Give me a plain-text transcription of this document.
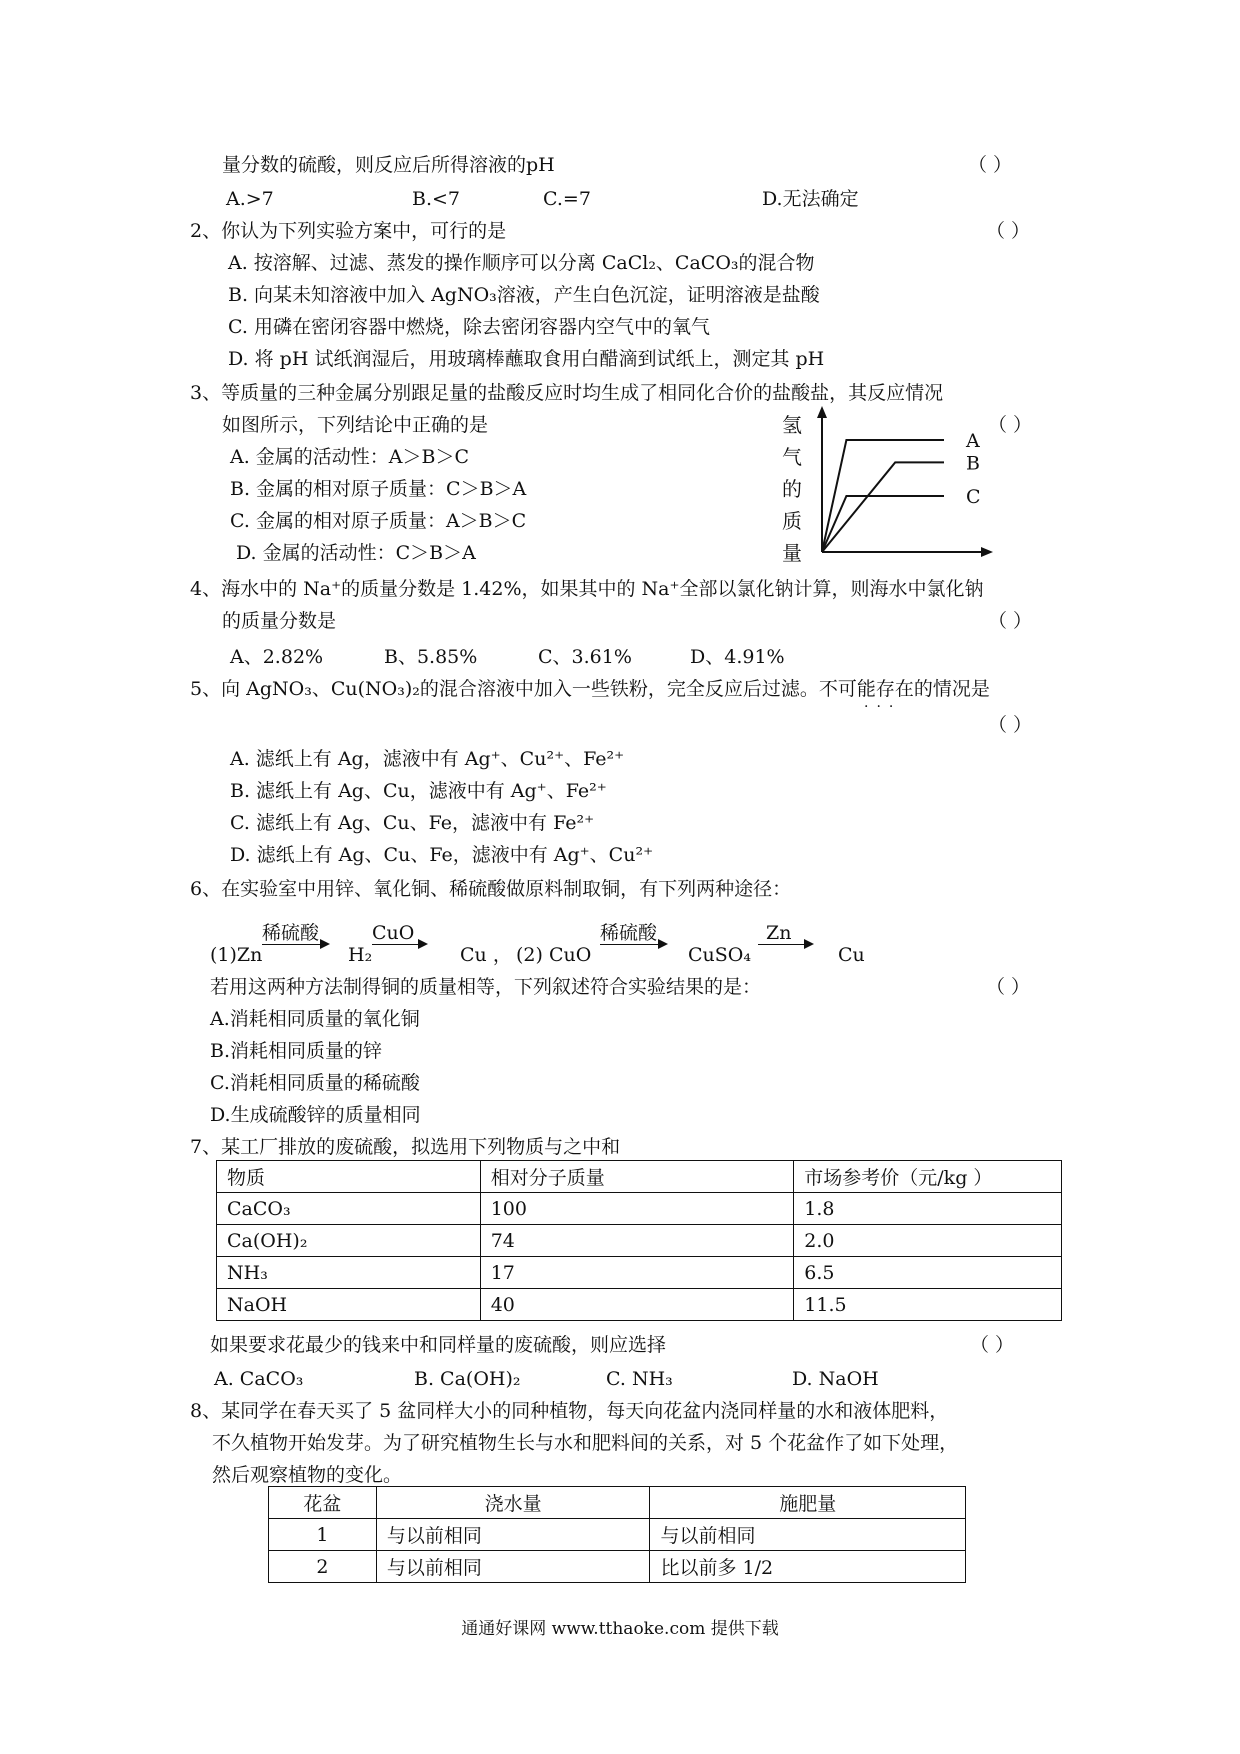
量分数的硫酸，则反应后所得溶液的pH	（ ）
A.>7	B.<7	C.=7	D.无法确定
2、你认为下列实验方案中，可行的是	（ ）
A. 按溶解、过滤、蒸发的操作顺序可以分离 CaCl₂、CaCO₃的混合物
B. 向某未知溶液中加入 AgNO₃溶液，产生白色沉淀，证明溶液是盐酸
C. 用磷在密闭容器中燃烧，除去密闭容器内空气中的氧气
D. 将 pH 试纸润湿后，用玻璃棒蘸取食用白醋滴到试纸上，测定其 pH
3、等质量的三种金属分别跟足量的盐酸反应时均生成了相同化合价的盐酸盐，其反应情况
如图所示，下列结论中正确的是	（ ）
A. 金属的活动性：A＞B＞C
B. 金属的相对原子质量：C＞B＞A
C. 金属的相对原子质量：A＞B＞C
D. 金属的活动性：C＞B＞A
氢
气
的
质
量
A
B
C
4、海水中的 Na⁺的质量分数是 1.42%，如果其中的 Na⁺全部以氯化钠计算，则海水中氯化钠
的质量分数是	（ ）
A、2.82%	B、5.85%	C、3.61%	D、4.91%
5、向 AgNO₃、Cu(NO₃)₂的混合溶液中加入一些铁粉，完全反应后过滤。不可能存在的情况是
···
（ ）
A. 滤纸上有 Ag，滤液中有 Ag⁺、Cu²⁺、Fe²⁺
B. 滤纸上有 Ag、Cu，滤液中有 Ag⁺、Fe²⁺
C. 滤纸上有 Ag、Cu、Fe，滤液中有 Fe²⁺
D. 滤纸上有 Ag、Cu、Fe，滤液中有 Ag⁺、Cu²⁺
6、在实验室中用锌、氧化铜、稀硫酸做原料制取铜，有下列两种途径：
(1)Zn
稀硫酸
→ H₂
CuO
Cu ， (2) CuO
稀硫酸
→ CuSO₄
Zn
→ Cu
若用这两种方法制得铜的质量相等，下列叙述符合实验结果的是：	（ ）
A.消耗相同质量的氧化铜
B.消耗相同质量的锌
C.消耗相同质量的稀硫酸
D.生成硫酸锌的质量相同
7、某工厂排放的废硫酸，拟选用下列物质与之中和
物质	相对分子质量	市场参考价（元/kg ）
CaCO₃	100	1.8
Ca(OH)₂	74	2.0
NH₃	17	6.5
NaOH	40	11.5
如果要求花最少的钱来中和同样量的废硫酸，则应选择	（ ）
A. CaCO₃	B. Ca(OH)₂	C. NH₃	D. NaOH
8、某同学在春天买了 5 盆同样大小的同种植物，每天向花盆内浇同样量的水和液体肥料，
不久植物开始发芽。为了研究植物生长与水和肥料间的关系，对 5 个花盆作了如下处理，
然后观察植物的变化。
花盆	浇水量	施肥量
1	与以前相同	与以前相同
2	与以前相同	比以前多 1/2
通通好课网 www.tthaoke.com 提供下载
